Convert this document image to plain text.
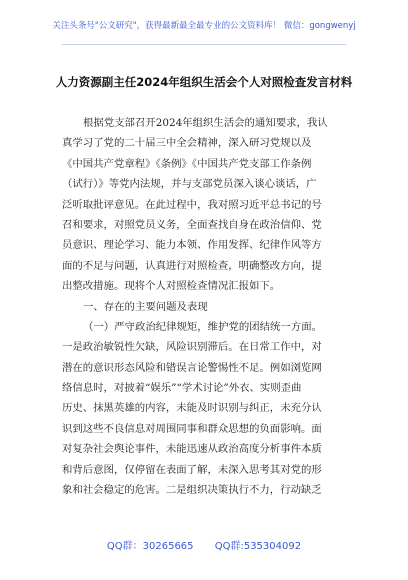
关注头条号"公文研究"，获得最新最全最专业的公文资料库！ 微信：gongwenyj
人力资源副主任2024年组织生活会个人对照检查发言材料
根据党支部召开2024年组织生活会的通知要求，我认
真学习了党的二十届三中全会精神，深入研习党规以及
《中国共产党章程》《条例》《中国共产党支部工作条例
（试行）》等党内法规，并与支部党员深入谈心谈话，广
泛听取批评意见。在此过程中，我对照习近平总书记的号
召和要求，对照党员义务，全面查找自身在政治信仰、党
员意识、理论学习、能力本领、作用发挥、纪律作风等方
面的不足与问题，认真进行对照检查，明确整改方向，提
出整改措施。现将个人对照检查情况汇报如下。
一、存在的主要问题及表现
（一）严守政治纪律规矩，维护党的团结统一方面。
一是政治敏锐性欠缺，风险识别滞后。在日常工作中，对
潜在的意识形态风险和错误言论警惕性不足。例如浏览网
络信息时，对披着“娱乐”“学术讨论”外衣、实则歪曲
历史、抹黑英雄的内容，未能及时识别与纠正，未充分认
识到这些不良信息对周围同事和群众思想的负面影响。面
对复杂社会舆论事件，未能迅速从政治高度分析事件本质
和背后意图，仅停留在表面了解，未深入思考其对党的形
象和社会稳定的危害。二是组织决策执行不力，行动缺乏
QQ群：30265665 QQ群:535304092
